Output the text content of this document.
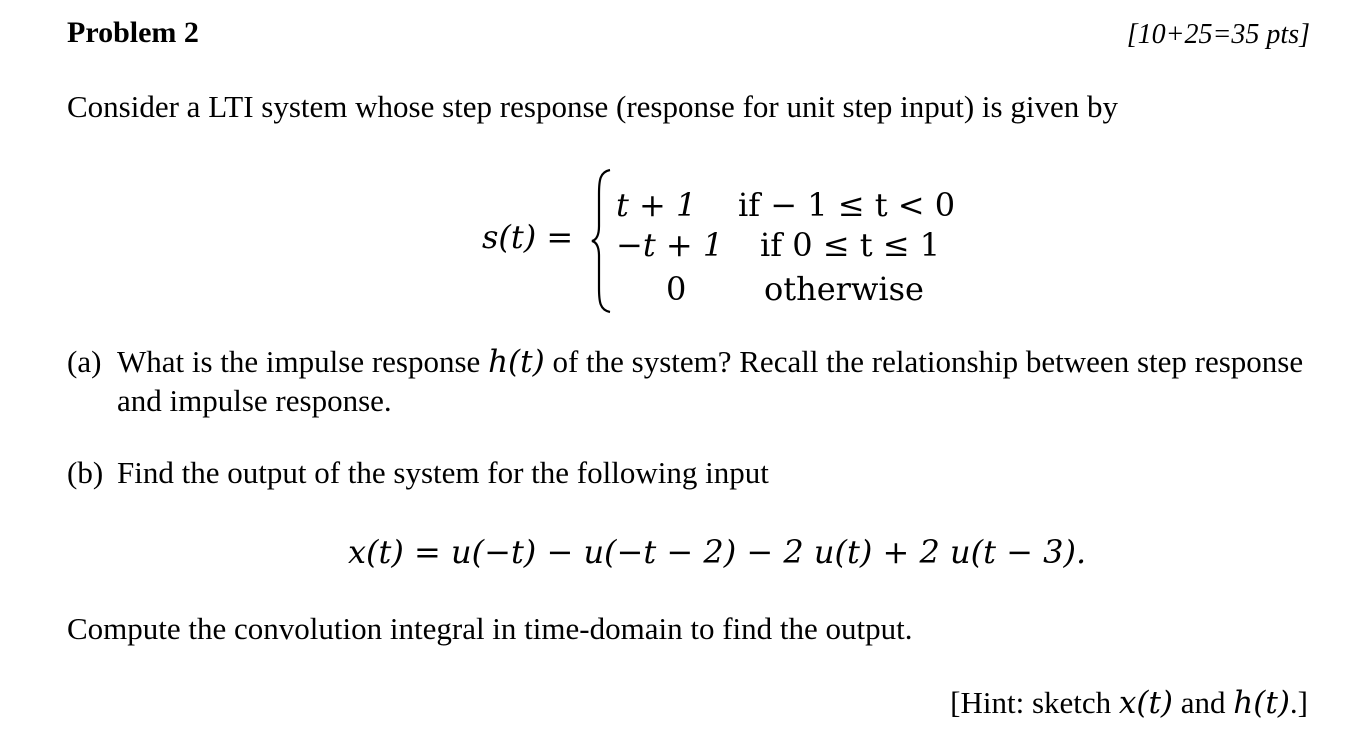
Problem 2	[10+25=35 pts]
Consider a LTI system whose step response (response for unit step input) is given by
s(t) =
t + 1 if − 1 ≤ t < 0
−t + 1 if 0 ≤ t ≤ 1
0 otherwise
(a) What is the impulse response h(t) of the system? Recall the relationship between step response
and impulse response.
(b) Find the output of the system for the following input
x(t) = u(−t) − u(−t − 2) − 2 u(t) + 2 u(t − 3).
Compute the convolution integral in time-domain to find the output.
[Hint: sketch x(t) and h(t).]
